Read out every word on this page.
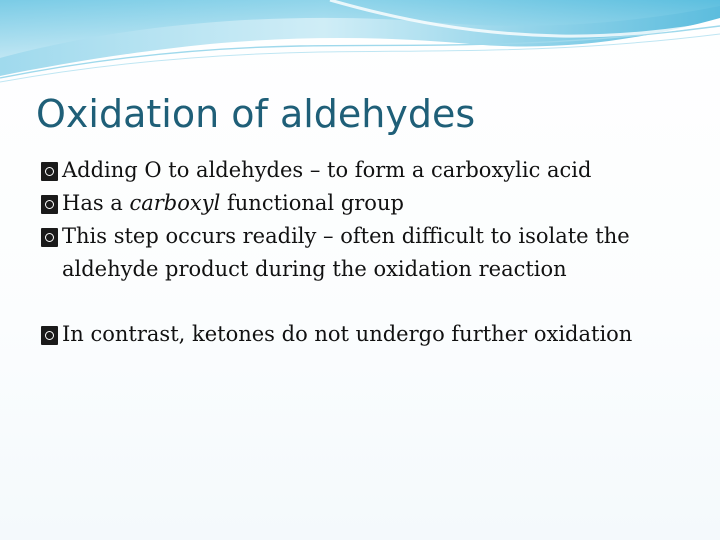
Oxidation of aldehydes

Adding O to aldehydes – to form a carboxylic acid

Has a carboxyl functional group

This step occurs readily – often difficult to isolate the aldehyde product during the oxidation reaction

In contrast, ketones do not undergo further oxidation
